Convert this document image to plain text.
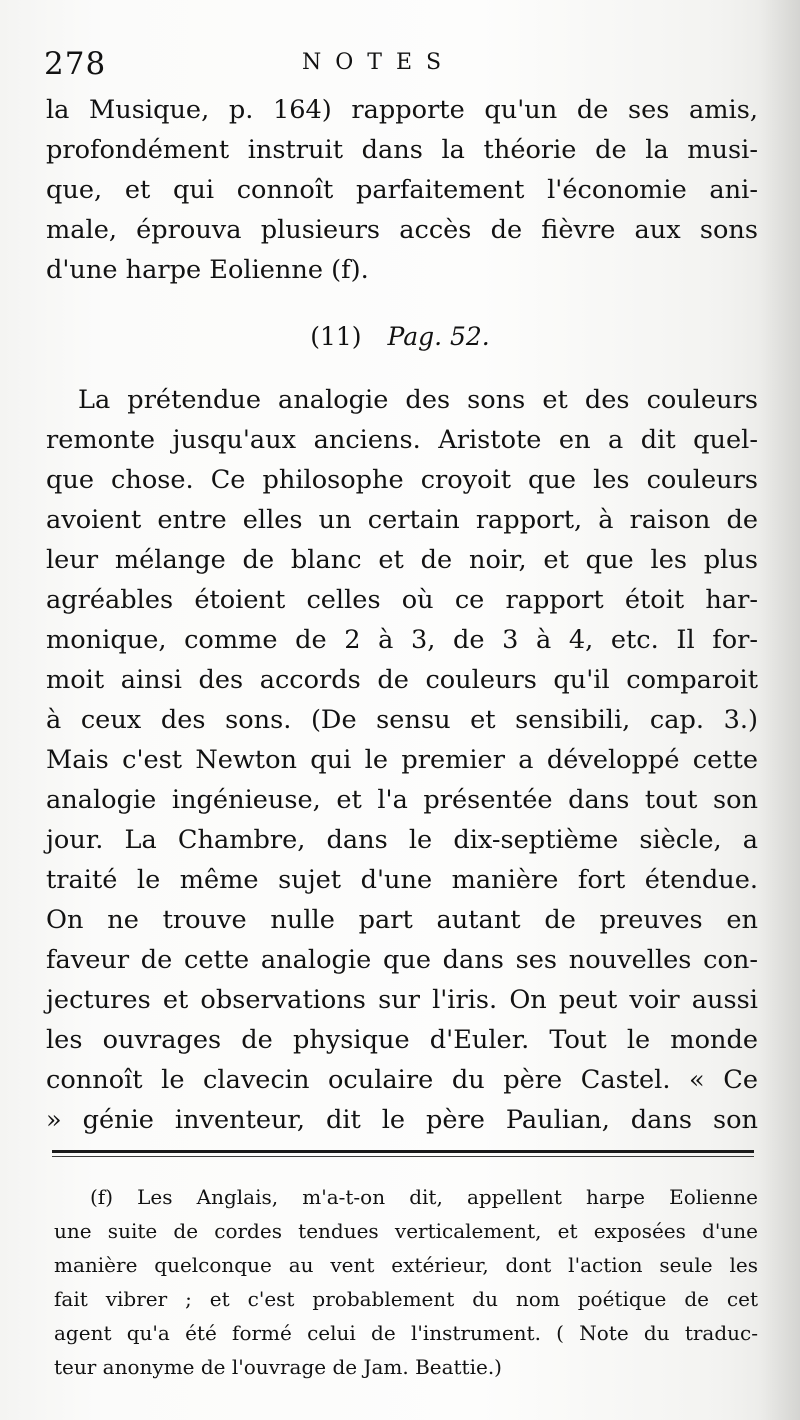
278	NOTES
la Musique, p. 164) rapporte qu'un de ses amis,
profondément instruit dans la théorie de la musi-
que, et qui connoît parfaitement l'économie ani-
male, éprouva plusieurs accès de fièvre aux sons
d'une harpe Eolienne (f).
(11) Pag. 52.
La prétendue analogie des sons et des couleurs
remonte jusqu'aux anciens. Aristote en a dit quel-
que chose. Ce philosophe croyoit que les couleurs
avoient entre elles un certain rapport, à raison de
leur mélange de blanc et de noir, et que les plus
agréables étoient celles où ce rapport étoit har-
monique, comme de 2 à 3, de 3 à 4, etc. Il for-
moit ainsi des accords de couleurs qu'il comparoit
à ceux des sons. (De sensu et sensibili, cap. 3.)
Mais c'est Newton qui le premier a développé cette
analogie ingénieuse, et l'a présentée dans tout son
jour. La Chambre, dans le dix-septième siècle, a
traité le même sujet d'une manière fort étendue.
On ne trouve nulle part autant de preuves en
faveur de cette analogie que dans ses nouvelles con-
jectures et observations sur l'iris. On peut voir aussi
les ouvrages de physique d'Euler. Tout le monde
connoît le clavecin oculaire du père Castel. « Ce
» génie inventeur, dit le père Paulian, dans son
(f) Les Anglais, m'a-t-on dit, appellent harpe Eolienne
une suite de cordes tendues verticalement, et exposées d'une
manière quelconque au vent extérieur, dont l'action seule les
fait vibrer ; et c'est probablement du nom poétique de cet
agent qu'a été formé celui de l'instrument. ( Note du traduc-
teur anonyme de l'ouvrage de Jam. Beattie.)
